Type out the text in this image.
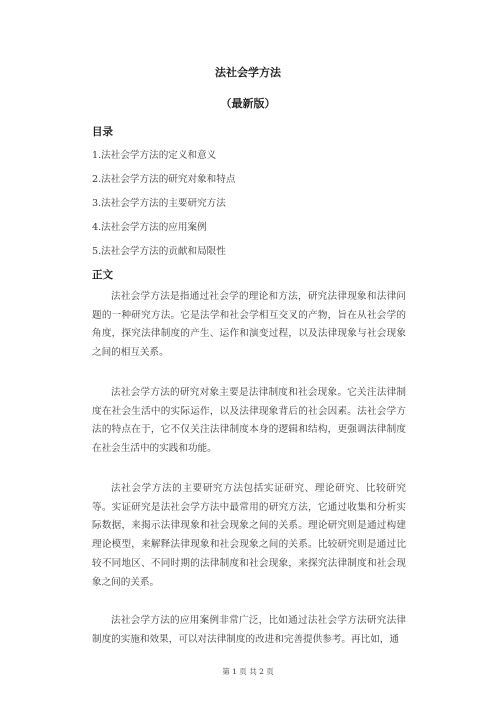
法社会学方法
（最新版）
目录
1.法社会学方法的定义和意义
2.法社会学方法的研究对象和特点
3.法社会学方法的主要研究方法
4.法社会学方法的应用案例
5.法社会学方法的贡献和局限性
正文

法社会学方法是指通过社会学的理论和方法，研究法律现象和法律问题的一种研究方法。它是法学和社会学相互交叉的产物，旨在从社会学的角度，探究法律制度的产生、运作和演变过程，以及法律现象与社会现象之间的相互关系。

法社会学方法的研究对象主要是法律制度和社会现象。它关注法律制度在社会生活中的实际运作，以及法律现象背后的社会因素。法社会学方法的特点在于，它不仅关注法律制度本身的逻辑和结构，更强调法律制度在社会生活中的实践和功能。

法社会学方法的主要研究方法包括实证研究、理论研究、比较研究等。实证研究是法社会学方法中最常用的研究方法，它通过收集和分析实际数据，来揭示法律现象和社会现象之间的关系。理论研究则是通过构建理论模型，来解释法律现象和社会现象之间的关系。比较研究则是通过比较不同地区、不同时期的法律制度和社会现象，来探究法律制度和社会现象之间的关系。

法社会学方法的应用案例非常广泛，比如通过法社会学方法研究法律制度的实施和效果，可以对法律制度的改进和完善提供参考。再比如，通

第 1 页 共 2 页
